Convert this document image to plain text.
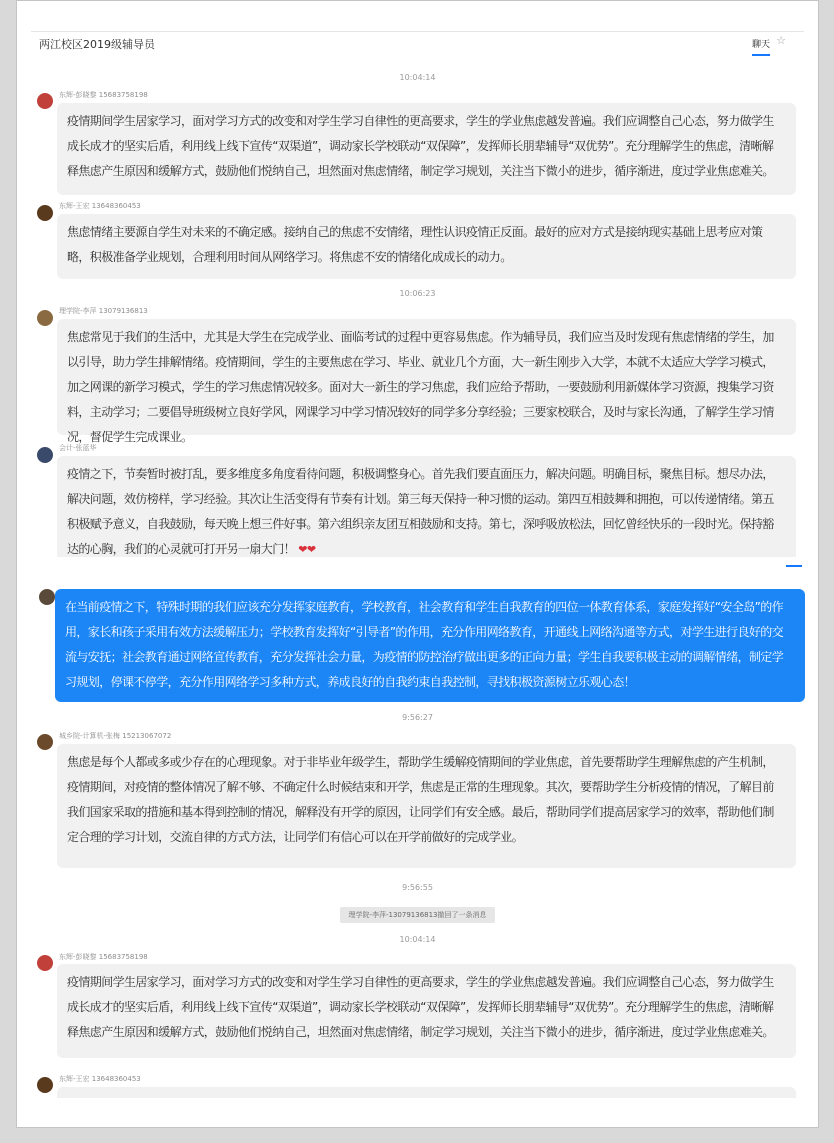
两江校区2019级辅导员	聊天 ☆
10:04:14
东辉-彭晓黎 15683758198
疫情期间学生居家学习，面对学习方式的改变和对学生学习自律性的更高要求，学生的学业焦虑越发普遍。我们应调整自己心态，努力做学生成长成才的坚实后盾，利用线上线下宣传“双渠道”，调动家长学校联动“双保障”，发挥师长朋辈辅导“双优势”。充分理解学生的焦虑，清晰解释焦虑产生原因和缓解方式，鼓励他们悦纳自己，坦然面对焦虑情绪，制定学习规划，关注当下微小的进步，循序渐进，度过学业焦虑难关。
东辉-王宏 13648360453
焦虑情绪主要源自学生对未来的不确定感。接纳自己的焦虑不安情绪，理性认识疫情正反面。最好的应对方式是接纳现实基础上思考应对策略，积极准备学业规划，合理利用时间从网络学习。将焦虑不安的情绪化成成长的动力。
10:06:23
理学院-李萍 13079136813
焦虑常见于我们的生活中，尤其是大学生在完成学业、面临考试的过程中更容易焦虑。作为辅导员，我们应当及时发现有焦虑情绪的学生，加以引导，助力学生排解情绪。疫情期间，学生的主要焦虑在学习、毕业、就业几个方面，大一新生刚步入大学，本就不太适应大学学习模式，加之网课的新学习模式，学生的学习焦虑情况较多。面对大一新生的学习焦虑，我们应给予帮助，一要鼓励利用新媒体学习资源，搜集学习资料，主动学习；二要倡导班级树立良好学风，网课学习中学习情况较好的同学多分享经验；三要家校联合，及时与家长沟通，了解学生学习情况，督促学生完成课业。
会计-张蓝华
疫情之下，节奏暂时被打乱，要多维度多角度看待问题，积极调整身心。首先我们要直面压力，解决问题。明确目标，聚焦目标。想尽办法，解决问题，效仿榜样，学习经验。其次让生活变得有节奏有计划。第三每天保持一种习惯的运动。第四互相鼓舞和拥抱，可以传递情绪。第五积极赋予意义，自我鼓励，每天晚上想三件好事。第六组织亲友团互相鼓励和支持。第七，深呼吸放松法，回忆曾经快乐的一段时光。保持豁达的心胸，我们的心灵就可打开另一扇大门！ ❤❤
在当前疫情之下，特殊时期的我们应该充分发挥家庭教育，学校教育，社会教育和学生自我教育的四位一体教育体系，家庭发挥好“安全岛”的作用，家长和孩子采用有效方法缓解压力；学校教育发挥好“引导者”的作用，充分作用网络教育，开通线上网络沟通等方式，对学生进行良好的交流与安抚；社会教育通过网络宣传教育，充分发挥社会力量，为疫情的防控治疗做出更多的正向力量；学生自我要积极主动的调解情绪，制定学习规划，停课不停学，充分作用网络学习多种方式，养成良好的自我约束自我控制，寻找积极资源树立乐观心态！
9:56:27
城乡院-计算机-张梅 15213067072
焦虑是每个人都或多或少存在的心理现象。对于非毕业年级学生，帮助学生缓解疫情期间的学业焦虑，首先要帮助学生理解焦虑的产生机制，疫情期间，对疫情的整体情况了解不够、不确定什么时候结束和开学，焦虑是正常的生理现象。其次，要帮助学生分析疫情的情况，了解目前我们国家采取的措施和基本得到控制的情况，解释没有开学的原因，让同学们有安全感。最后，帮助同学们提高居家学习的效率，帮助他们制定合理的学习计划，交流自律的方式方法，让同学们有信心可以在开学前做好的完成学业。
9:56:55
理学院-李萍-13079136813撤回了一条消息
10:04:14
东辉-彭晓黎 15683758198
疫情期间学生居家学习，面对学习方式的改变和对学生学习自律性的更高要求，学生的学业焦虑越发普遍。我们应调整自己心态，努力做学生成长成才的坚实后盾，利用线上线下宣传“双渠道”，调动家长学校联动“双保障”，发挥师长朋辈辅导“双优势”。充分理解学生的焦虑，清晰解释焦虑产生原因和缓解方式，鼓励他们悦纳自己，坦然面对焦虑情绪，制定学习规划，关注当下微小的进步，循序渐进，度过学业焦虑难关。
东辉-王宏 13648360453
